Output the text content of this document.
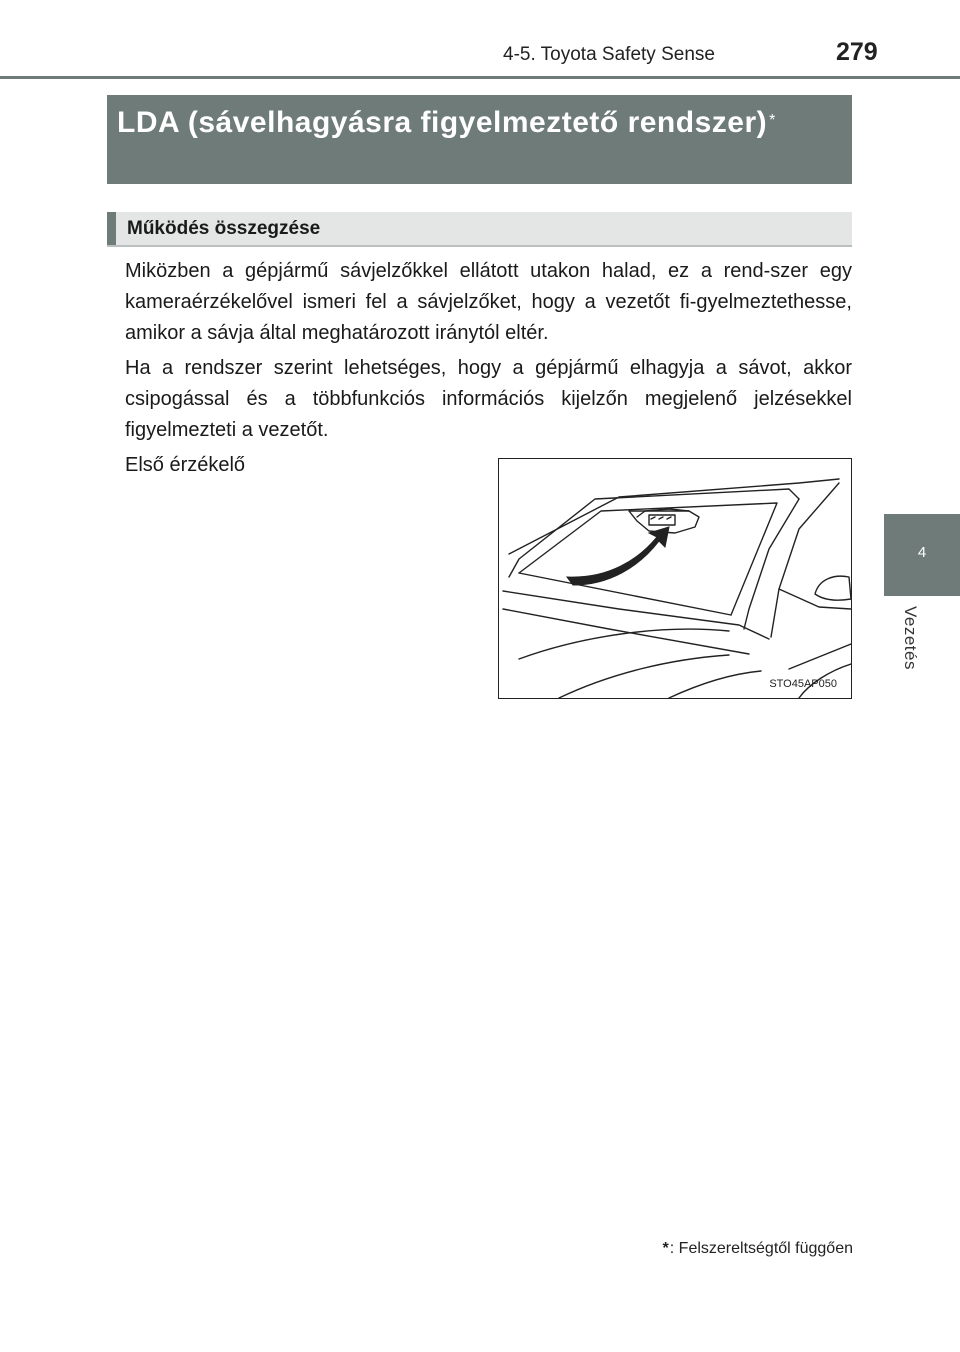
4-5. Toyota Safety Sense	279
4
Vezetés
LDA (sávelhagyásra figyelmeztető rendszer) *
Működés összegzése

Miközben a gépjármű sávjelzőkkel ellátott utakon halad, ez a rend-szer egy kameraérzékelővel ismeri fel a sávjelzőket, hogy a vezetőt fi-gyelmeztethesse, amikor a sávja által meghatározott iránytól eltér.

Ha a rendszer szerint lehetséges, hogy a gépjármű elhagyja a sávot, akkor csipogással és a többfunkciós információs kijelzőn megjelenő jelzésekkel figyelmezteti a vezetőt.

Első érzékelő

STO45AP050
*: Felszereltségtől függően
